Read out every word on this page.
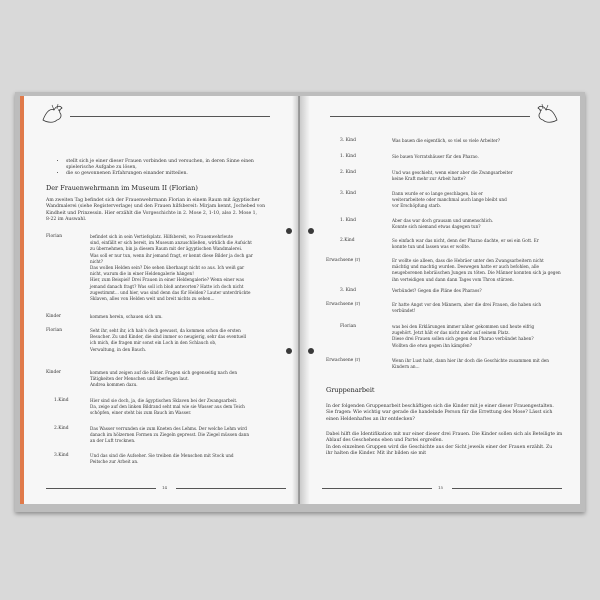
• stellt sich je einer dieser Frauen vorbinden und versuchen, in deren Sinne einen
spielerische Aufgabe zu lösen,
• die so gewonnenen Erfahrungen einander mitteilen.
Der Frauenwehrmann im Museum II (Florian)
Am zweiten Tag befindet sich der Frauenwehrmann Florian in einem Raum mit ägyptischer
Wandmalerei (siehe Registerverlage) und den Frauen hilfsbereit: Mirjam kennt, Jochebed von
Kindheit und Prinzessin. Hier erzählt die Vorgeschichte in 2. Mose 2, 1-10, also 2. Mose 1,
8-22 im Auswahl.
Florian	befindet sich in sein Vertiefsplatz. Hilfsbereit, wo Frauenwehrleute
sind, einfällt er sich bereit, im Museum anzuschließen, wirklich die Aufsicht
zu übernehmen, bin ja diesem Raum mit der ägyptischen Wandmalerei.
Was soll er nur tun, wenn ihr jemand fragt, er kennt diese Bilder ja doch gar
nicht?
Das wollen Helden sein? Die sehen überhaupt nicht so aus. Ich weiß gar
nicht, warum die in einer Heldengalerie hängen!
Hier, zum Beispiel! Drei Frauen in einer Heldengalerie? Wenn einer was
jemand danach fragt? Was soll ich bloß antworten? Hatte ich doch nicht
zugestimmt... und hier, was sind denn das für Helden? Lauter unterdrückte
Sklaven, alles von Helden weit und breit nichts zu sehen...
Kinder	kommen herein, schauen sich um.
Florian	Seht ihr, seht ihr, ich hab's doch gewusst, da kommen schon die ersten
Besucher. Zu und Kinder, die sind immer so neugierig, sehr das eventuell
ich mich, die fragen mir sonst ein Loch in den Schlauch ob,
Verwaltung, in den Bauch.
Kinder	kommen und zeigen auf die Bilder. Fragen sich gegenseitig nach den
Tätigkeiten der Menschen und überlegen laut.
Andrea kommen dazu.
1.Kind	Hier sind sie doch, ja, die ägyptischen Sklaven bei der Zwangsarbeit.
Da, zeige auf den linken Bildrand seht mal wie sie Wasser aus dem Teich
schöpfen, einer steht bis zum Bauch im Wasser.
2.Kind	Das Wasser verrunden sie zum Kneten des Lehms. Der welche Lehm wird
danach im hölzernen Formen zu Ziegeln gepresst. Die Ziegel müssen dann
an der Luft trocknen.
3.Kind	Und das sind die Aufseher. Sie treiben die Menschen mit Stock und
Peitsche zur Arbeit an.
14
3. Kind	Was bauen die eigentlich, so viel so viele Arbeiter?
1. Kind	Sie bauen Vorratshäuser für den Pharao.
2. Kind	Und was geschieht, wenn einer aber die Zwangsarbeiter
keine Kraft mehr zur Arbeit hatte?
3. Kind	Dann wurde er so lange geschlagen, bis er
weiterarbeitete oder manchmal auch lange bleibt und
vor Erschöpfung starb.
1. Kind	Aber das war doch grausam und unmenschlich.
Konnte sich niemand etwas dagegen tun?
2.Kind	So einfach war das nicht, denn der Pharao dachte, er sei ein Gott. Er
konnte tun und lassen was er wollte.
Erwachsene (r)	Er wollte sie alleen, dass die Hebräer unter den Zwangsarbeitern nicht
mächtig und machtig wurden. Deswegen hatte er auch befohlen, alle
neugeborenen hebräischen Jungen zu töten. Die Männer konnten sich ja gegen
ihn verteidigen und dann dann Tages vom Thron stürzen.
3. Kind	Verbündet? Gegen die Pläne des Pharaos?
Erwachsene (r)	Er hatte Angst vor den Männern, aber die drei Frauen, die haben sich
verbündet!
Florian	was bei den Erklärungen immer näher gekommen und heute eifrig
zugehört. Jetzt hält er das nicht mehr auf seinem Platz.
Diese drei Frauen sollen sich gegen den Pharao verbündet haben?
Wollten die etwa gegen ihn kämpfen?
Erwachsene (r)	Wenn ihr Lust habt, dann hier ihr doch die Geschichte zusammen mit den
Kindern an...
Gruppenarbeit
In der folgenden Gruppenarbeit beschäftigen sich die Kinder mit je einer dieser Frauengestalten.
Sie fragen: Wie wichtig war gerade die handelnde Person für die Errettung des Mose? Lässt sich
einen Heldenhaftes an ihr entdecken?
Dabei hilft die Identifikation mit nur einer dieser drei Frauen. Die Kinder sollen sich als Beteiligte im
Ablauf des Geschehens eben und Partei ergreifen.
In den einzelnen Gruppen wird die Geschichte aus der Sicht jeweils einer der Frauen erzählt. Zu
ihr halten die Kinder. Mit ihr bilden sie mit
15
